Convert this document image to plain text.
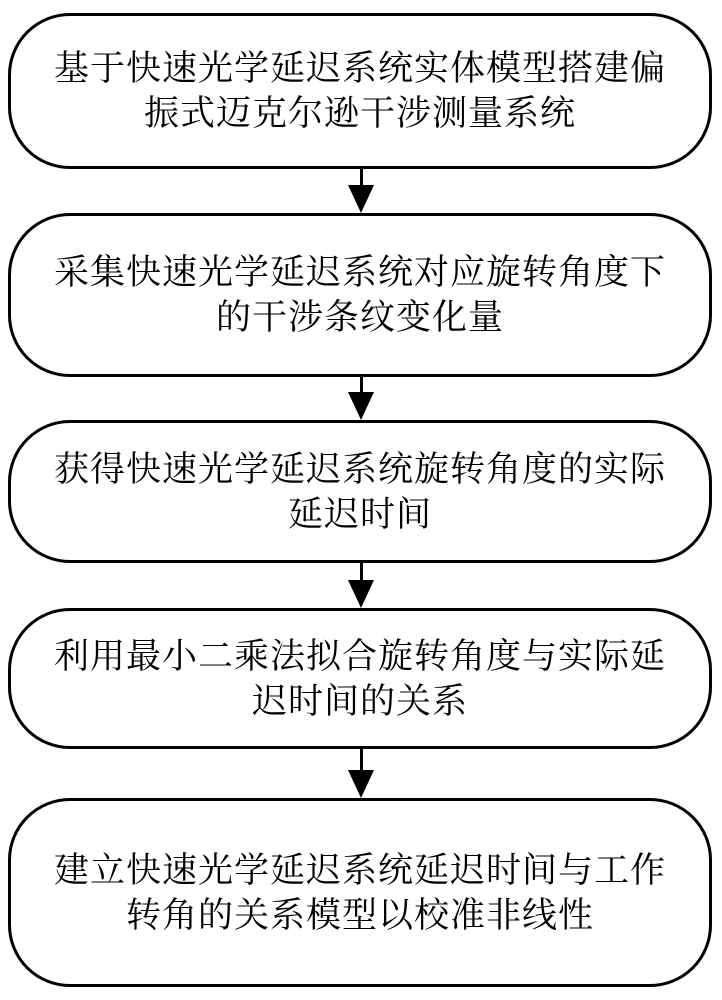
基于快速光学延迟系统实体模型搭建偏
振式迈克尔逊干涉测量系统
采集快速光学延迟系统对应旋转角度下
的干涉条纹变化量
获得快速光学延迟系统旋转角度的实际
延迟时间
利用最小二乘法拟合旋转角度与实际延
迟时间的关系
建立快速光学延迟系统延迟时间与工作
转角的关系模型以校准非线性
